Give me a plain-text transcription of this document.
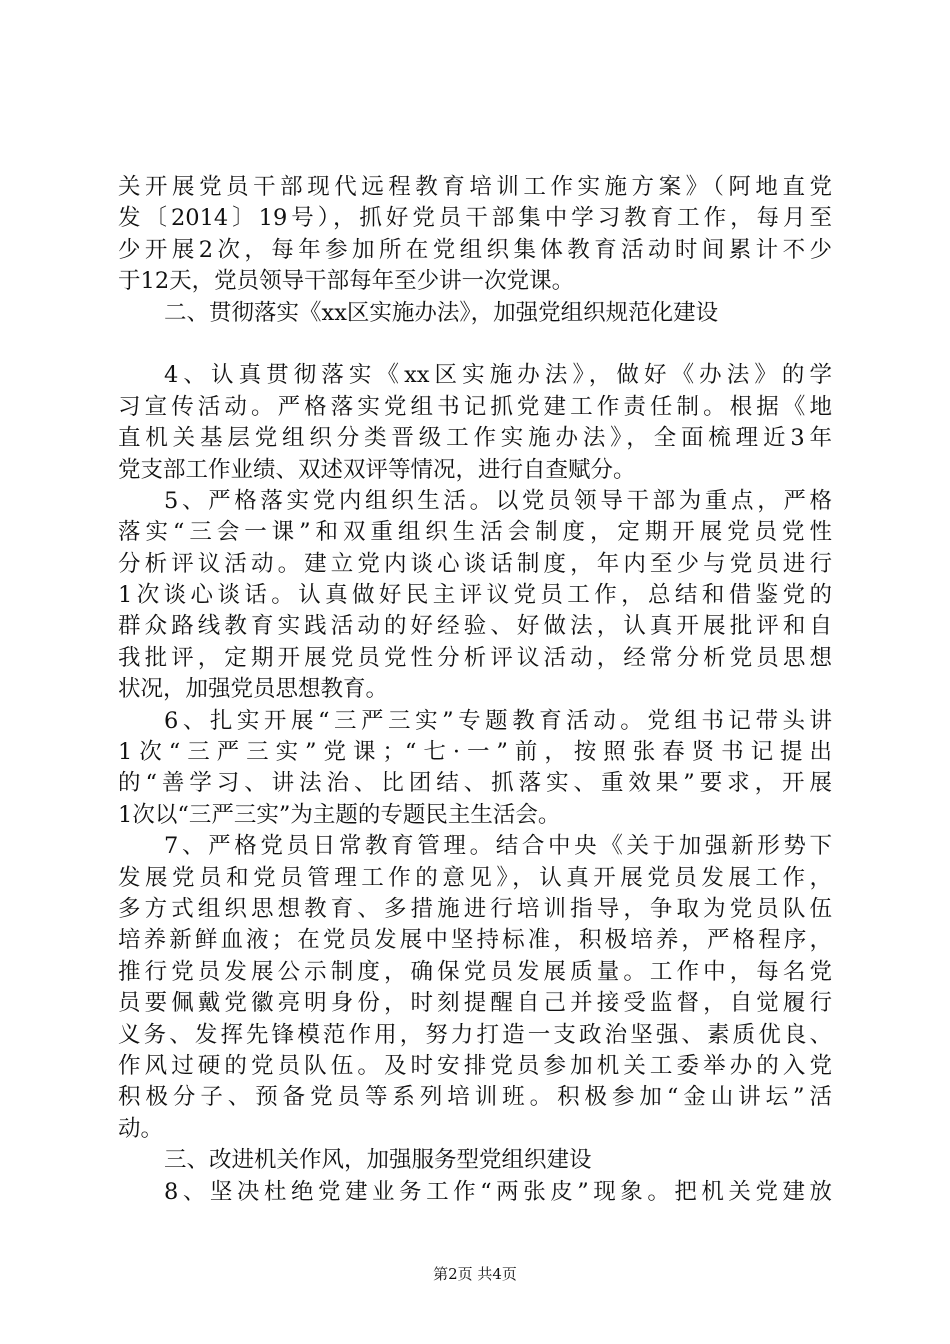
关开展党员干部现代远程教育培训工作实施方案》（阿地直党
发〔2014〕19号），抓好党员干部集中学习教育工作，每月至
少开展2次，每年参加所在党组织集体教育活动时间累计不少
于12天，党员领导干部每年至少讲一次党课。
二、贯彻落实《xx区实施办法》，加强党组织规范化建设
4、认真贯彻落实《xx区实施办法》，做好《办法》的学
习宣传活动。严格落实党组书记抓党建工作责任制。根据《地
直机关基层党组织分类晋级工作实施办法》，全面梳理近3年
党支部工作业绩、双述双评等情况，进行自查赋分。
5、严格落实党内组织生活。以党员领导干部为重点，严格
落实“三会一课”和双重组织生活会制度，定期开展党员党性
分析评议活动。建立党内谈心谈话制度，年内至少与党员进行
1次谈心谈话。认真做好民主评议党员工作，总结和借鉴党的
群众路线教育实践活动的好经验、好做法，认真开展批评和自
我批评，定期开展党员党性分析评议活动，经常分析党员思想
状况，加强党员思想教育。
6、扎实开展“三严三实”专题教育活动。党组书记带头讲
1次“三严三实”党课；“七·一”前，按照张春贤书记提出
的“善学习、讲法治、比团结、抓落实、重效果”要求，开展
1次以“三严三实”为主题的专题民主生活会。
7、严格党员日常教育管理。结合中央《关于加强新形势下
发展党员和党员管理工作的意见》，认真开展党员发展工作，
多方式组织思想教育、多措施进行培训指导，争取为党员队伍
培养新鲜血液；在党员发展中坚持标准，积极培养，严格程序，
推行党员发展公示制度，确保党员发展质量。工作中，每名党
员要佩戴党徽亮明身份，时刻提醒自己并接受监督，自觉履行
义务、发挥先锋模范作用，努力打造一支政治坚强、素质优良、
作风过硬的党员队伍。及时安排党员参加机关工委举办的入党
积极分子、预备党员等系列培训班。积极参加“金山讲坛”活
动。
三、改进机关作风，加强服务型党组织建设
8、坚决杜绝党建业务工作“两张皮”现象。把机关党建放
第2页 共4页
